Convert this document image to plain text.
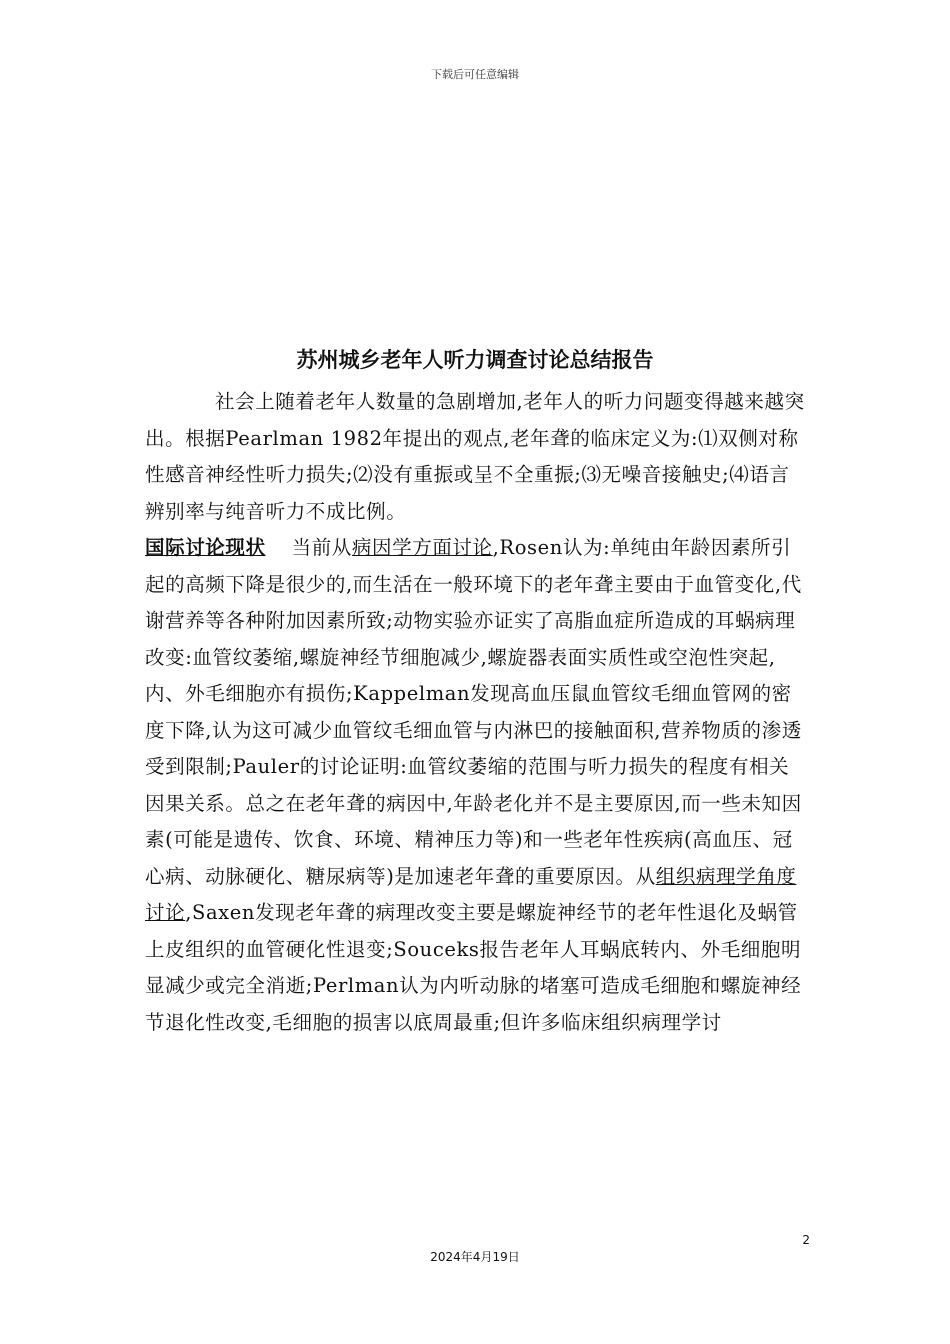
下载后可任意编辑
苏州城乡老年人听力调查讨论总结报告

社会上随着老年人数量的急剧增加,老年人的听力问题变得越来越突出。根据Pearlman 1982年提出的观点,老年聋的临床定义为:⑴双侧对称性感音神经性听力损失;⑵没有重振或呈不全重振;⑶无噪音接触史;⑷语言辨别率与纯音听力不成比例。

国际讨论现状 当前从病因学方面讨论,Rosen认为:单纯由年龄因素所引起的高频下降是很少的,而生活在一般环境下的老年聋主要由于血管变化,代谢营养等各种附加因素所致;动物实验亦证实了高脂血症所造成的耳蜗病理改变:血管纹萎缩,螺旋神经节细胞减少,螺旋器表面实质性或空泡性突起,内、外毛细胞亦有损伤;Kappelman发现高血压鼠血管纹毛细血管网的密度下降,认为这可减少血管纹毛细血管与内淋巴的接触面积,营养物质的渗透受到限制;Pauler的讨论证明:血管纹萎缩的范围与听力损失的程度有相关因果关系。总之在老年聋的病因中,年龄老化并不是主要原因,而一些未知因素(可能是遗传、饮食、环境、精神压力等)和一些老年性疾病(高血压、冠心病、动脉硬化、糖尿病等)是加速老年聋的重要原因。从组织病理学角度讨论,Saxen发现老年聋的病理改变主要是螺旋神经节的老年性退化及蜗管上皮组织的血管硬化性退变;Souceks报告老年人耳蜗底转内、外毛细胞明显减少或完全消逝;Perlman认为内听动脉的堵塞可造成毛细胞和螺旋神经节退化性改变,毛细胞的损害以底周最重;但许多临床组织病理学讨

2
2024年4月19日
